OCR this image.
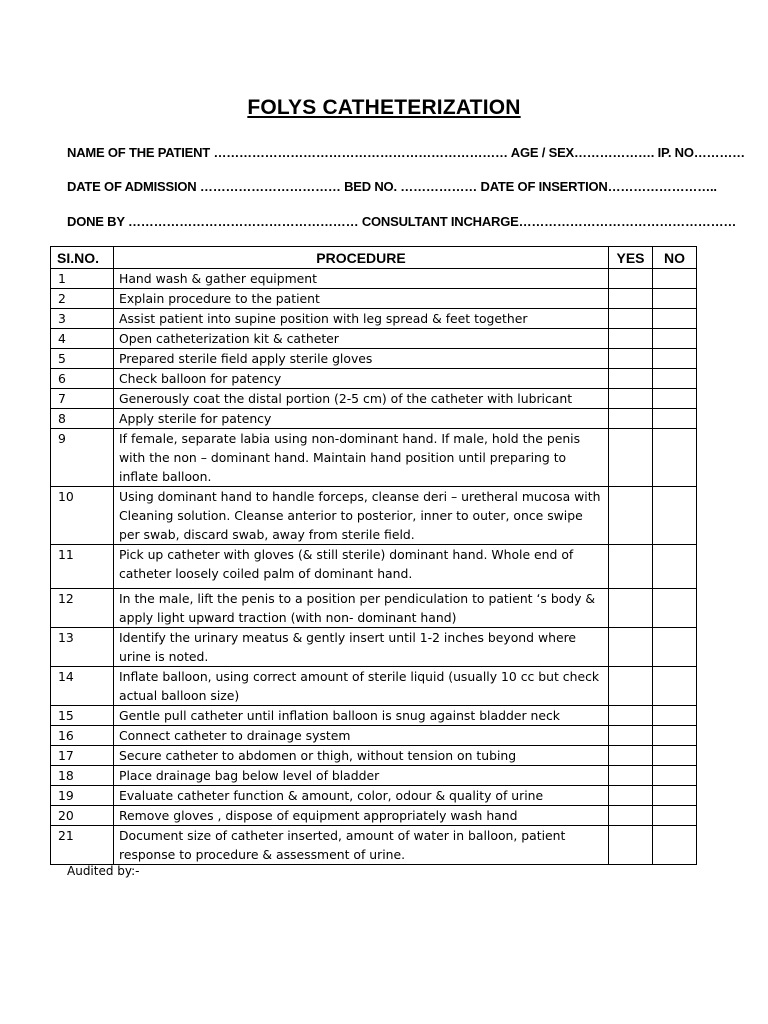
FOLYS CATHETERIZATION
NAME OF THE PATIENT …………………………………………………………… AGE / SEX………………. IP. NO…………
DATE OF ADMISSION …………………………… BED NO. ……………… DATE OF INSERTION……………………..
DONE BY ……………………………………………… CONSULTANT INCHARGE……………………………………………
SI.NO.	PROCEDURE	YES	NO
1	Hand wash & gather equipment		
2	Explain procedure to the patient		
3	Assist patient into supine position with leg spread & feet together		
4	Open catheterization kit & catheter		
5	Prepared sterile field apply sterile gloves		
6	Check balloon for patency		
7	Generously coat the distal portion (2-5 cm) of the catheter with lubricant		
8	Apply sterile for patency		
9	If female, separate labia using non-dominant hand. If male, hold the penis with the non – dominant hand. Maintain hand position until preparing to inflate balloon.		
10	Using dominant hand to handle forceps, cleanse deri – uretheral mucosa with Cleaning solution. Cleanse anterior to posterior, inner to outer, once swipe per swab, discard swab, away from sterile field.		
11	Pick up catheter with gloves (& still sterile) dominant hand. Whole end of catheter loosely coiled palm of dominant hand.		
12	In the male, lift the penis to a position per pendiculation to patient ‘s body & apply light upward traction (with non- dominant hand)		
13	Identify the urinary meatus & gently insert until 1-2 inches beyond where urine is noted.		
14	Inflate balloon, using correct amount of sterile liquid (usually 10 cc but check actual balloon size)		
15	Gentle pull catheter until inflation balloon is snug against bladder neck		
16	Connect catheter to drainage system		
17	Secure catheter to abdomen or thigh, without tension on tubing		
18	Place drainage bag below level of bladder		
19	Evaluate catheter function & amount, color, odour & quality of urine		
20	Remove gloves , dispose of equipment appropriately wash hand		
21	Document size of catheter inserted, amount of water in balloon, patient response to procedure & assessment of urine.		
Audited by:-
